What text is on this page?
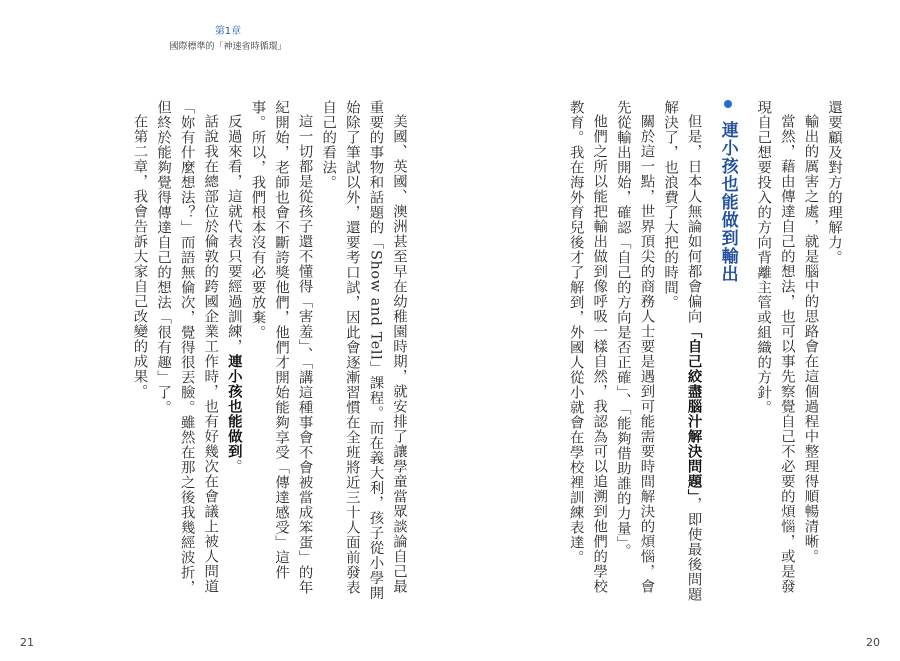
第1章
國際標準的「神速省時循環」

還要顧及對方的理解力。

輸出的厲害之處，就是腦中的思路會在這個過程中整理得順暢清晰。

當然，藉由傳達自己的想法，也可以事先察覺自己不必要的煩惱，或是發現自己想要投入的方向背離主管或組織的方針。

連小孩也能做到輸出

但是，日本人無論如何都會偏向「自己絞盡腦汁解決問題」，即使最後問題解決了，也浪費了大把的時間。

關於這一點，世界頂尖的商務人士要是遇到可能需要時間解決的煩惱，會先從輸出開始，確認「自己的方向是否正確」、「能夠借助誰的力量」。

他們之所以能把輸出做到像呼吸一樣自然，我認為可以追溯到他們的學校教育。我在海外育兒後才了解到，外國人從小就會在學校裡訓練表達。

美國、英國、澳洲甚至早在幼稚園時期，就安排了讓學童當眾談論自己最重要的事物和話題的「Show and Tell」課程。而在義大利，孩子從小學開始除了筆試以外，還要考口試，因此會逐漸習慣在全班將近三十人面前發表自己的看法。

這一切都是從孩子還不懂得「害羞」、「講這種事會不會被當成笨蛋」的年紀開始，老師也會不斷誇獎他們，他們才開始能夠享受「傳達感受」這件事。所以，我們根本沒有必要放棄。

反過來看，這就代表只要經過訓練，連小孩也能做到。

話說我在總部位於倫敦的跨國企業工作時，也有好幾次在會議上被人問道「妳有什麼想法？」而語無倫次，覺得很丟臉。雖然在那之後我幾經波折，但終於能夠覺得傳達自己的想法「很有趣」了。

在第二章，我會告訴大家自己改變的成果。

21	20
